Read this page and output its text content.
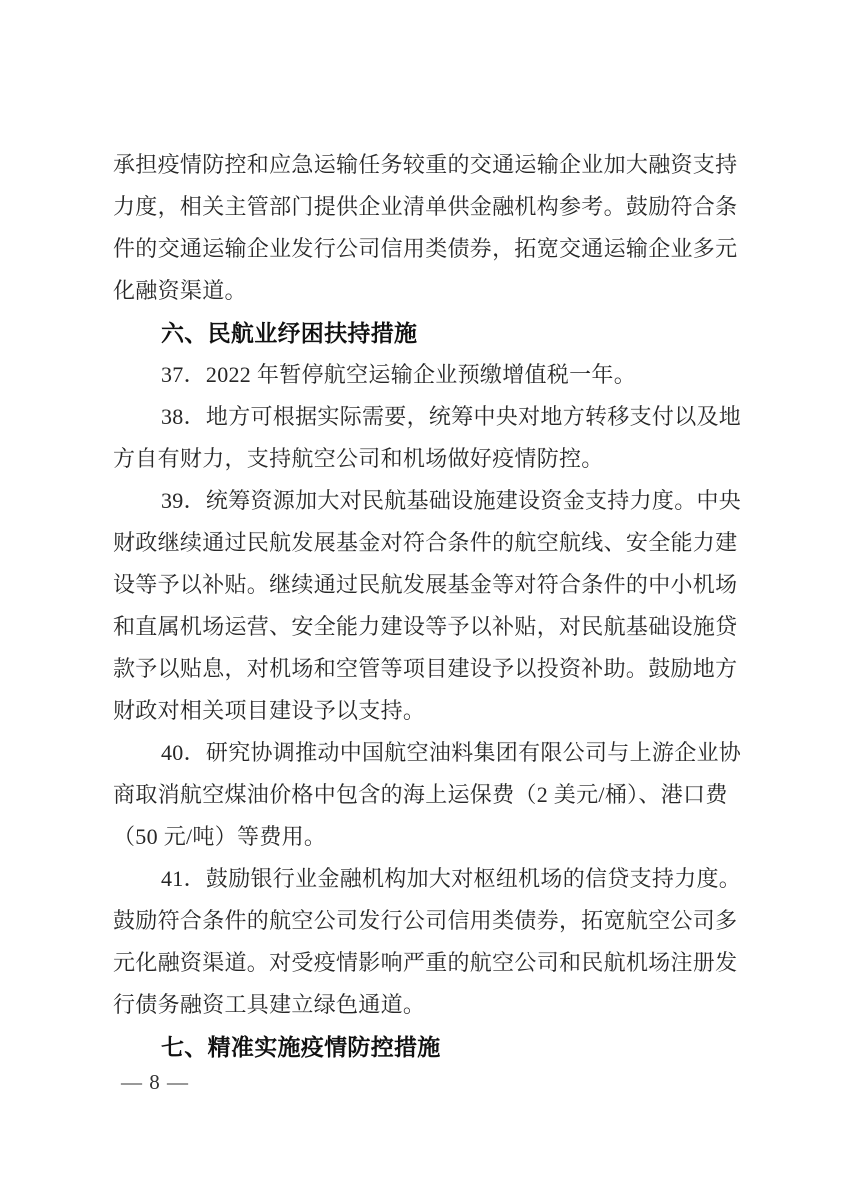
承担疫情防控和应急运输任务较重的交通运输企业加大融资支持
力度，相关主管部门提供企业清单供金融机构参考。鼓励符合条
件的交通运输企业发行公司信用类债券，拓宽交通运输企业多元
化融资渠道。
六、民航业纾困扶持措施
37．2022 年暂停航空运输企业预缴增值税一年。
38．地方可根据实际需要，统筹中央对地方转移支付以及地
方自有财力，支持航空公司和机场做好疫情防控。
39．统筹资源加大对民航基础设施建设资金支持力度。中央
财政继续通过民航发展基金对符合条件的航空航线、安全能力建
设等予以补贴。继续通过民航发展基金等对符合条件的中小机场
和直属机场运营、安全能力建设等予以补贴，对民航基础设施贷
款予以贴息，对机场和空管等项目建设予以投资补助。鼓励地方
财政对相关项目建设予以支持。
40．研究协调推动中国航空油料集团有限公司与上游企业协
商取消航空煤油价格中包含的海上运保费（2 美元/桶）、港口费
（50 元/吨）等费用。
41．鼓励银行业金融机构加大对枢纽机场的信贷支持力度。
鼓励符合条件的航空公司发行公司信用类债券，拓宽航空公司多
元化融资渠道。对受疫情影响严重的航空公司和民航机场注册发
行债务融资工具建立绿色通道。
七、精准实施疫情防控措施
— 8 —
